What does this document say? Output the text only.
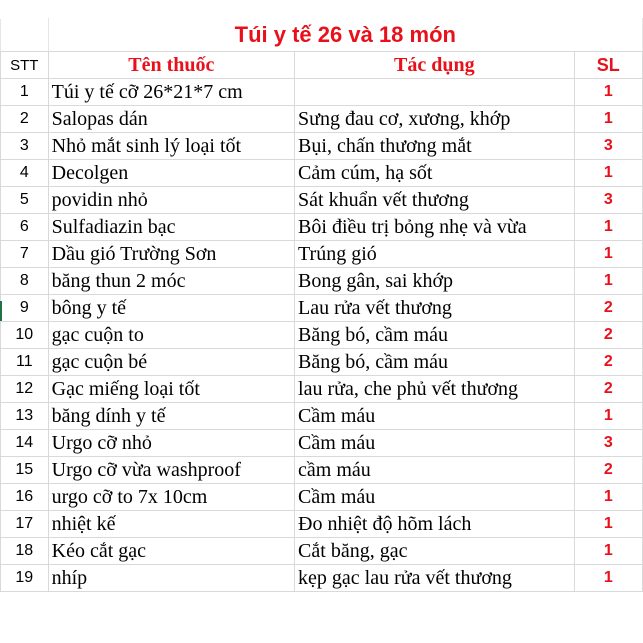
	Túi y tế 26 và 18 món		
STT	Tên thuốc	Tác dụng	SL
1	Túi y tế cỡ 26*21*7 cm		1
2	Salopas dán	Sưng đau cơ, xương, khớp	1
3	Nhỏ mắt sinh lý loại tốt	Bụi, chấn thương mắt	3
4	Decolgen	Cảm cúm, hạ sốt	1
5	povidin nhỏ	Sát khuẩn vết thương	3
6	Sulfadiazin bạc	Bôi điều trị bỏng nhẹ và vừa	1
7	Dầu gió Trường Sơn	Trúng gió	1
8	băng thun 2 móc	Bong gân, sai khớp	1
9	bông y tế	Lau rửa vết thương	2
10	gạc cuộn to	Băng bó, cầm máu	2
11	gạc cuộn bé	Băng bó, cầm máu	2
12	Gạc miếng loại tốt	lau rửa, che phủ vết thương	2
13	băng dính y tế	Cầm máu	1
14	Urgo cỡ nhỏ	Cầm máu	3
15	Urgo cỡ vừa washproof	cầm máu	2
16	urgo cỡ to 7x 10cm	Cầm máu	1
17	nhiệt kế	Đo nhiệt độ hõm lách	1
18	Kéo cắt gạc	Cắt băng, gạc	1
19	nhíp	kẹp gạc lau rửa vết thương	1
